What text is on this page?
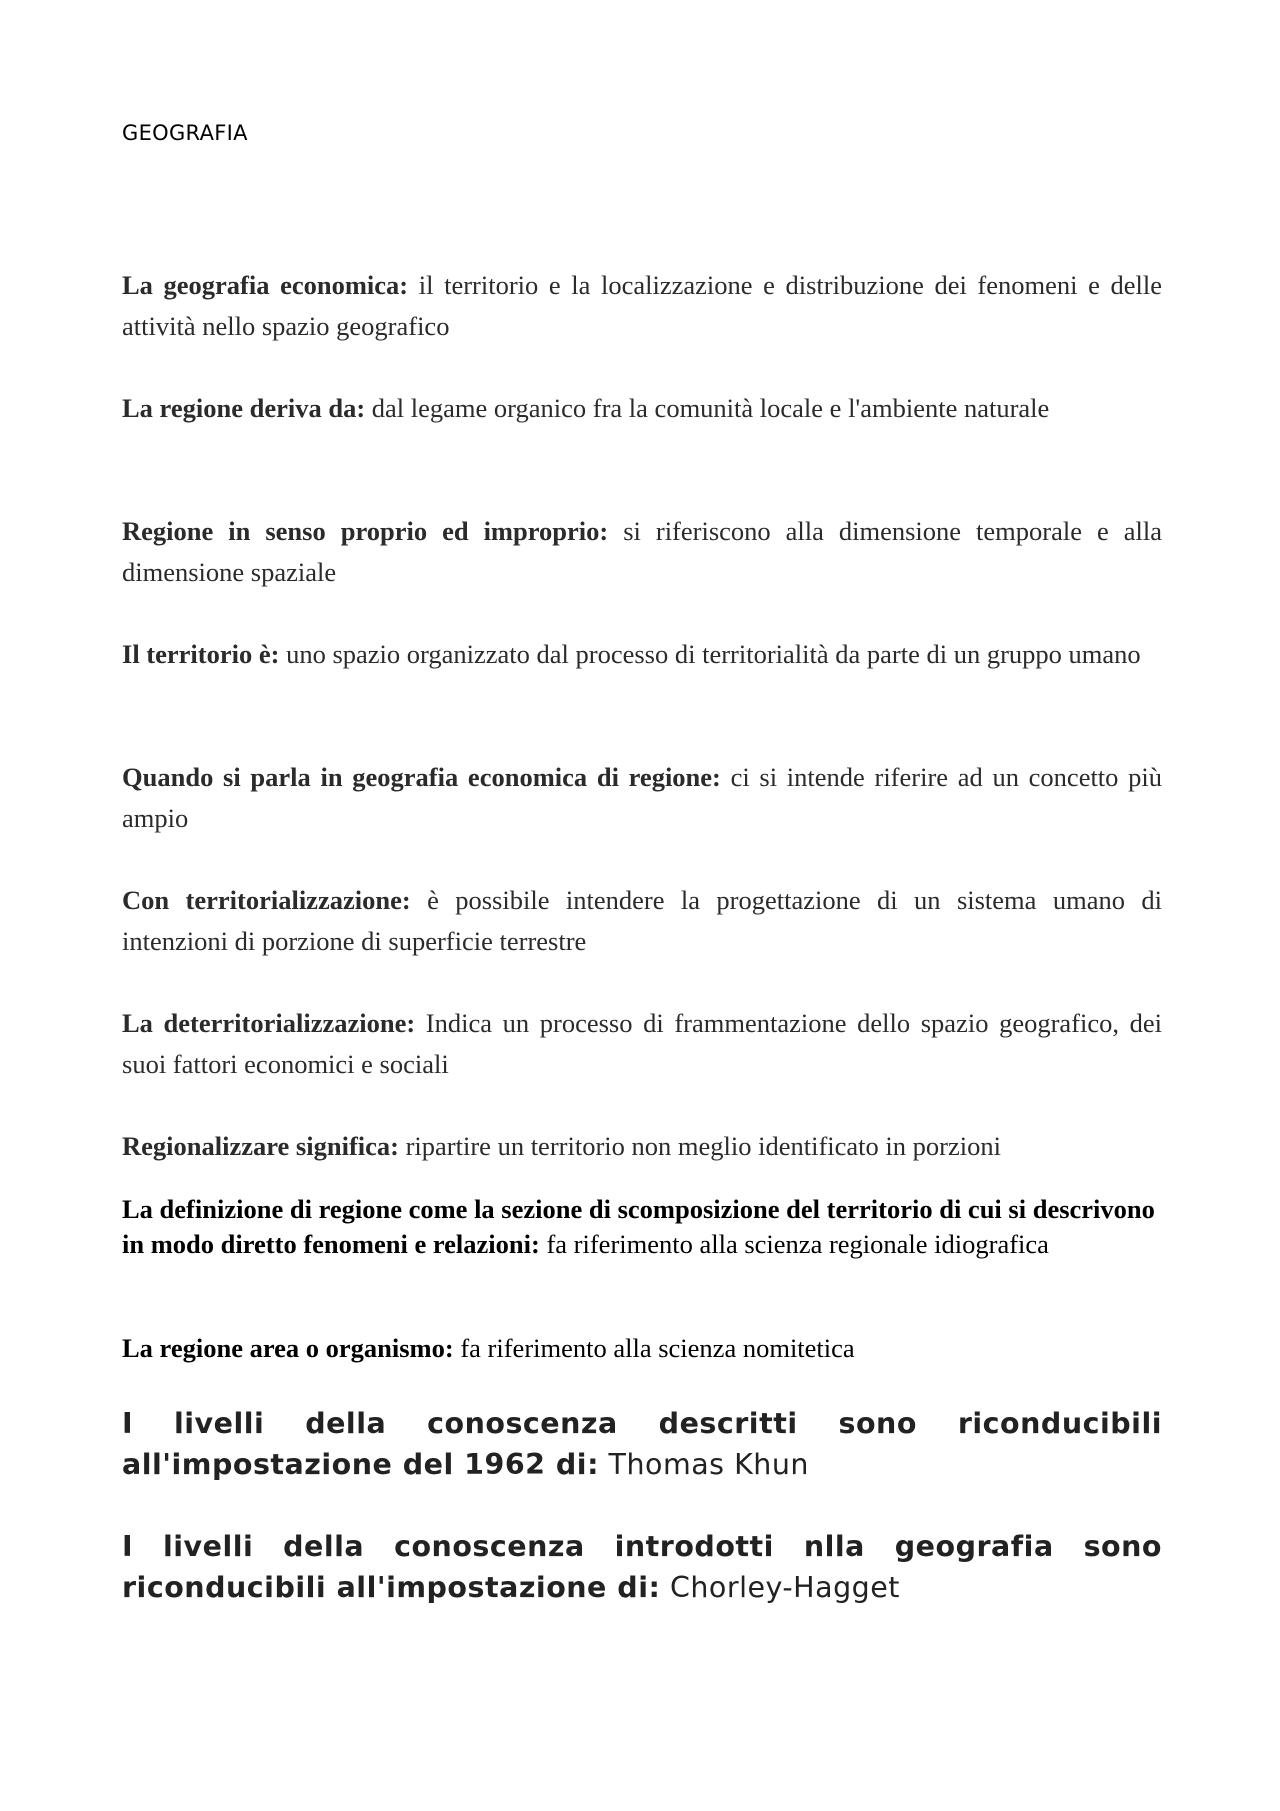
GEOGRAFIA

La geografia economica: il territorio e la localizzazione e distribuzione dei fenomeni e delle attività nello spazio geografico

La regione deriva da: dal legame organico fra la comunità locale e l'ambiente naturale

Regione in senso proprio ed improprio: si riferiscono alla dimensione temporale e alla dimensione spaziale

Il territorio è: uno spazio organizzato dal processo di territorialità da parte di un gruppo umano

Quando si parla in geografia economica di regione: ci si intende riferire ad un concetto più ampio

Con territorializzazione: è possibile intendere la progettazione di un sistema umano di intenzioni di porzione di superficie terrestre

La deterritorializzazione: Indica un processo di frammentazione dello spazio geografico, dei suoi fattori economici e sociali

Regionalizzare significa: ripartire un territorio non meglio identificato in porzioni

La definizione di regione come la sezione di scomposizione del territorio di cui si descrivono in modo diretto fenomeni e relazioni: fa riferimento alla scienza regionale idiografica

La regione area o organismo: fa riferimento alla scienza nomitetica

I livelli della conoscenza descritti sono riconducibili all'impostazione del 1962 di: Thomas Khun

I livelli della conoscenza introdotti nlla geografia sono riconducibili all'impostazione di: Chorley-Hagget
